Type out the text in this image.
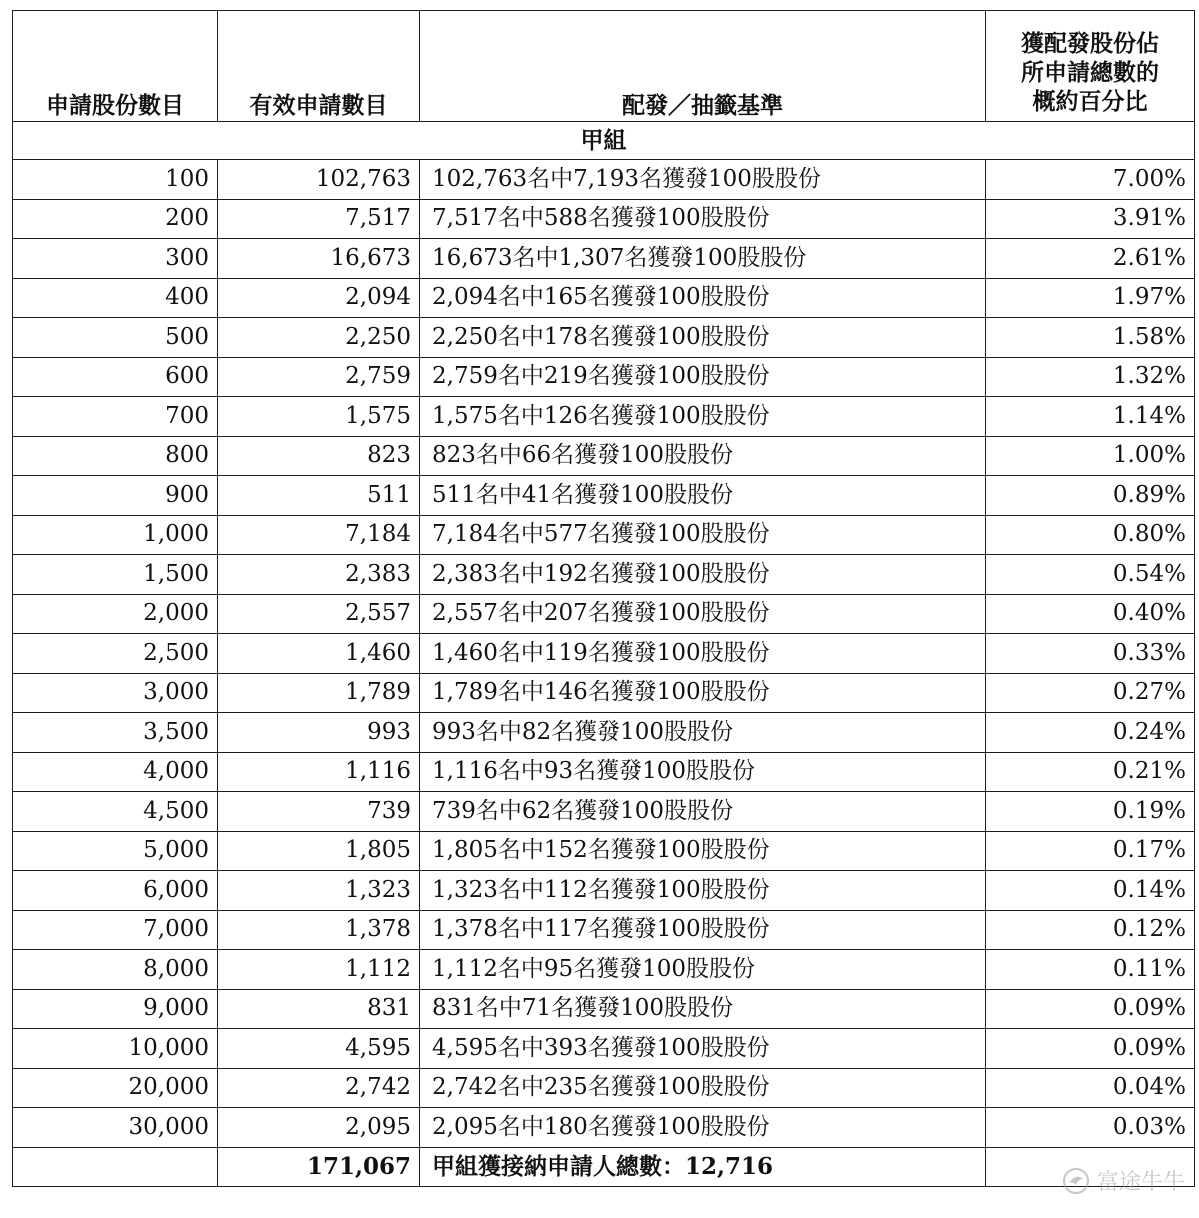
申請股份數目	有效申請數目	配發／抽籤基準	獲配發股份佔
所申請總數的
概約百分比

甲組			
100	102,763	102,763名中7,193名獲發100股股份	7.00%
200	7,517	7,517名中588名獲發100股股份	3.91%
300	16,673	16,673名中1,307名獲發100股股份	2.61%
400	2,094	2,094名中165名獲發100股股份	1.97%
500	2,250	2,250名中178名獲發100股股份	1.58%
600	2,759	2,759名中219名獲發100股股份	1.32%
700	1,575	1,575名中126名獲發100股股份	1.14%
800	823	823名中66名獲發100股股份	1.00%
900	511	511名中41名獲發100股股份	0.89%
1,000	7,184	7,184名中577名獲發100股股份	0.80%
1,500	2,383	2,383名中192名獲發100股股份	0.54%
2,000	2,557	2,557名中207名獲發100股股份	0.40%
2,500	1,460	1,460名中119名獲發100股股份	0.33%
3,000	1,789	1,789名中146名獲發100股股份	0.27%
3,500	993	993名中82名獲發100股股份	0.24%
4,000	1,116	1,116名中93名獲發100股股份	0.21%
4,500	739	739名中62名獲發100股股份	0.19%
5,000	1,805	1,805名中152名獲發100股股份	0.17%
6,000	1,323	1,323名中112名獲發100股股份	0.14%
7,000	1,378	1,378名中117名獲發100股股份	0.12%
8,000	1,112	1,112名中95名獲發100股股份	0.11%
9,000	831	831名中71名獲發100股股份	0.09%
10,000	4,595	4,595名中393名獲發100股股份	0.09%
20,000	2,742	2,742名中235名獲發100股股份	0.04%
30,000	2,095	2,095名中180名獲發100股股份	0.03%
	171,067	甲組獲接納申請人總數：12,716	
富途牛牛
